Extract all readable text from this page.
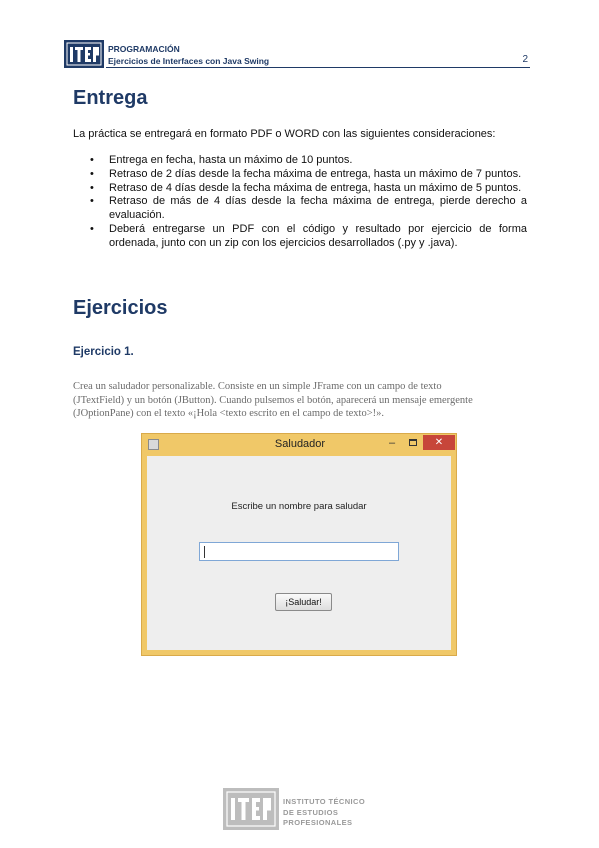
PROGRAMACIÓN
Ejercicios de Interfaces con Java Swing	2
Entrega
La práctica se entregará en formato PDF o WORD con las siguientes consideraciones:
• Entrega en fecha, hasta un máximo de 10 puntos.
• Retraso de 2 días desde la fecha máxima de entrega, hasta un máximo de 7 puntos.
• Retraso de 4 días desde la fecha máxima de entrega, hasta un máximo de 5 puntos.
• Retraso de más de 4 días desde la fecha máxima de entrega, pierde derecho a evaluación.
• Deberá entregarse un PDF con el código y resultado por ejercicio de forma ordenada, junto con un zip con los ejercicios desarrollados (.py y .java).
Ejercicios
Ejercicio 1.

Crea un saludador personalizable. Consiste en un simple JFrame con un campo de texto
(JTextField) y un botón (JButton). Cuando pulsemos el botón, aparecerá un mensaje emergente
(JOptionPane) con el texto «¡Hola <texto escrito en el campo de texto>!».

Saludador	–	✕
Escribe un nombre para saludar
¡Saludar!
INSTITUTO TÉCNICO
DE ESTUDIOS
PROFESIONALES
